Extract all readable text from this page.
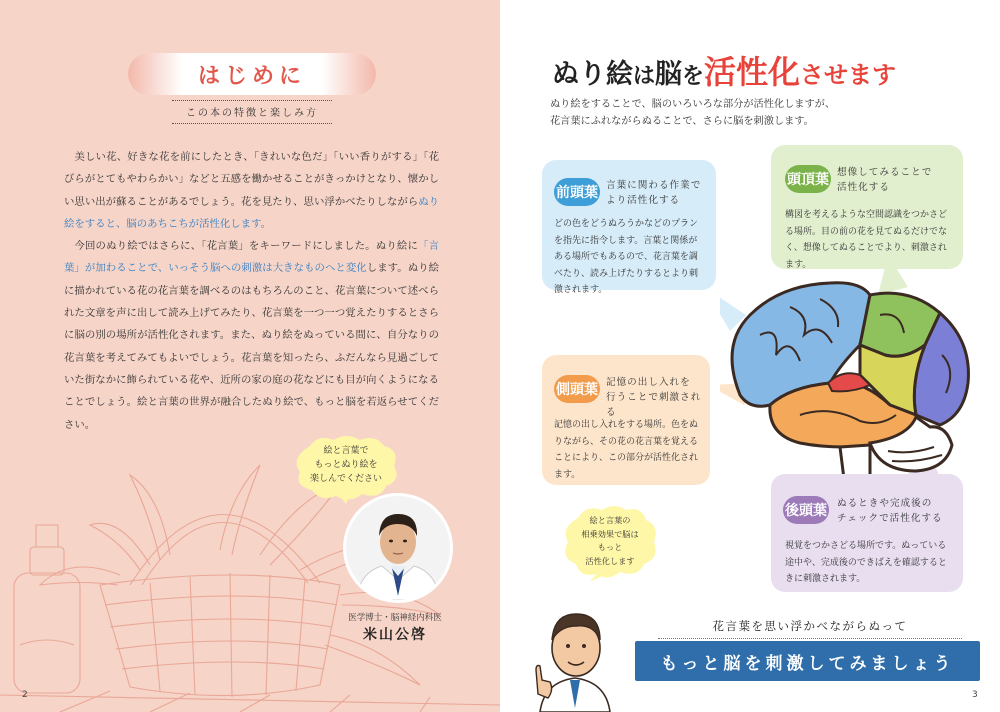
はじめに
この本の特徴と楽しみ方

美しい花、好きな花を前にしたとき、「きれいな色だ」「いい香りがする」「花びらがとてもやわらかい」などと五感を働かせることがきっかけとなり、懐かしい思い出が蘇ることがあるでしょう。花を見たり、思い浮かべたりしながらぬり絵をすると、脳のあちこちが活性化します。

今回のぬり絵ではさらに、「花言葉」をキーワードにしました。ぬり絵に「言葉」が加わることで、いっそう脳への刺激は大きなものへと変化します。ぬり絵に描かれている花の花言葉を調べるのはもちろんのこと、花言葉について述べられた文章を声に出して読み上げてみたり、花言葉を一つ一つ覚えたりするとさらに脳の別の場所が活性化されます。また、ぬり絵をぬっている間に、自分なりの花言葉を考えてみてもよいでしょう。花言葉を知ったら、ふだんなら見過ごしていた街なかに飾られている花や、近所の家の庭の花などにも目が向くようになることでしょう。絵と言葉の世界が融合したぬり絵で、もっと脳を若返らせてください。

絵と言葉で
もっとぬり絵を
楽しんでください
医学博士・脳神経内科医
米山公啓
2
ぬり絵は脳を活性化させます
ぬり絵をすることで、脳のいろいろな部分が活性化しますが、
花言葉にふれながらぬることで、さらに脳を刺激します。
前頭葉 言葉に関わる作業で
より活性化する
どの色をどうぬろうかなどのプランを指先に指令します。言葉と関係がある場所でもあるので、花言葉を調べたり、読み上げたりするとより刺激されます。
頭頂葉 想像してみることで
活性化する
構図を考えるような空間認識をつかさどる場所。目の前の花を見てぬるだけでなく、想像してぬることでより、刺激されます。
側頭葉 記憶の出し入れを
行うことで刺激される
記憶の出し入れをする場所。色をぬりながら、その花の花言葉を覚えることにより、この部分が活性化されます。
後頭葉 ぬるときや完成後の
チェックで活性化する
視覚をつかさどる場所です。ぬっている途中や、完成後のできばえを確認するときに刺激されます。
絵と言葉の
相乗効果で脳は
もっと
活性化します
花言葉を思い浮かべながらぬって
もっと脳を刺激してみましょう
3
